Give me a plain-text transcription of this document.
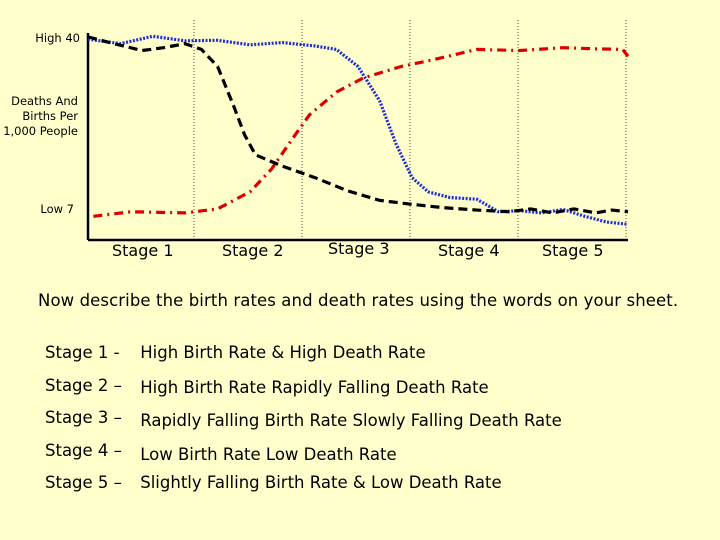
High 40
Deaths And
Births Per
1,000 People
Low 7
Stage 1	Stage 2	Stage 3	Stage 4	Stage 5
Now describe the birth rates and death rates using the words on your sheet.
Stage 1 - High Birth Rate & High Death Rate
Stage 2 – High Birth Rate Rapidly Falling Death Rate
Stage 3 – Rapidly Falling Birth Rate Slowly Falling Death Rate
Stage 4 – Low Birth Rate Low Death Rate
Stage 5 – Slightly Falling Birth Rate & Low Death Rate
